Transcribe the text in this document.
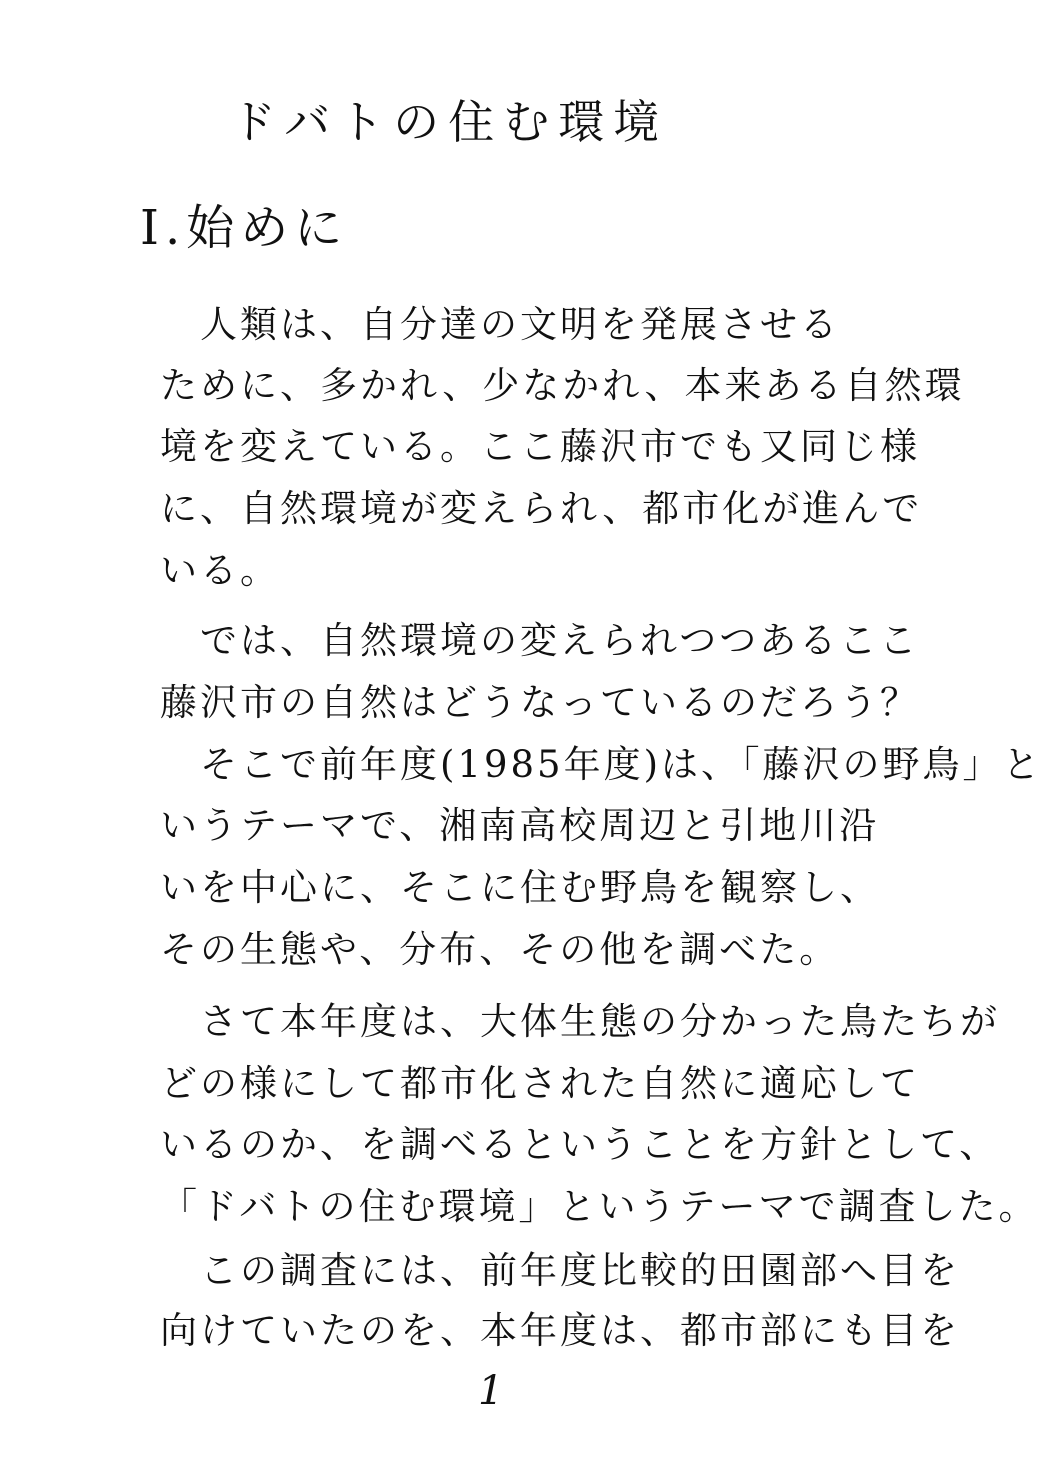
ドバトの住む環境
I.始めに
　人類は、自分達の文明を発展させる
ために、多かれ、少なかれ、本来ある自然環
境を変えている。ここ藤沢市でも又同じ様
に、自然環境が変えられ、都市化が進んで
いる。
　では、自然環境の変えられつつあるここ
藤沢市の自然はどうなっているのだろう？
　そこで前年度(1985年度)は、「藤沢の野鳥」と
いうテーマで、湘南高校周辺と引地川沿
いを中心に、そこに住む野鳥を観察し、
その生態や、分布、その他を調べた。
　さて本年度は、大体生態の分かった鳥たちが
どの様にして都市化された自然に適応して
いるのか、を調べるということを方針として、
「ドバトの住む環境」というテーマで調査した。
　この調査には、前年度比較的田園部へ目を
向けていたのを、本年度は、都市部にも目を
1
